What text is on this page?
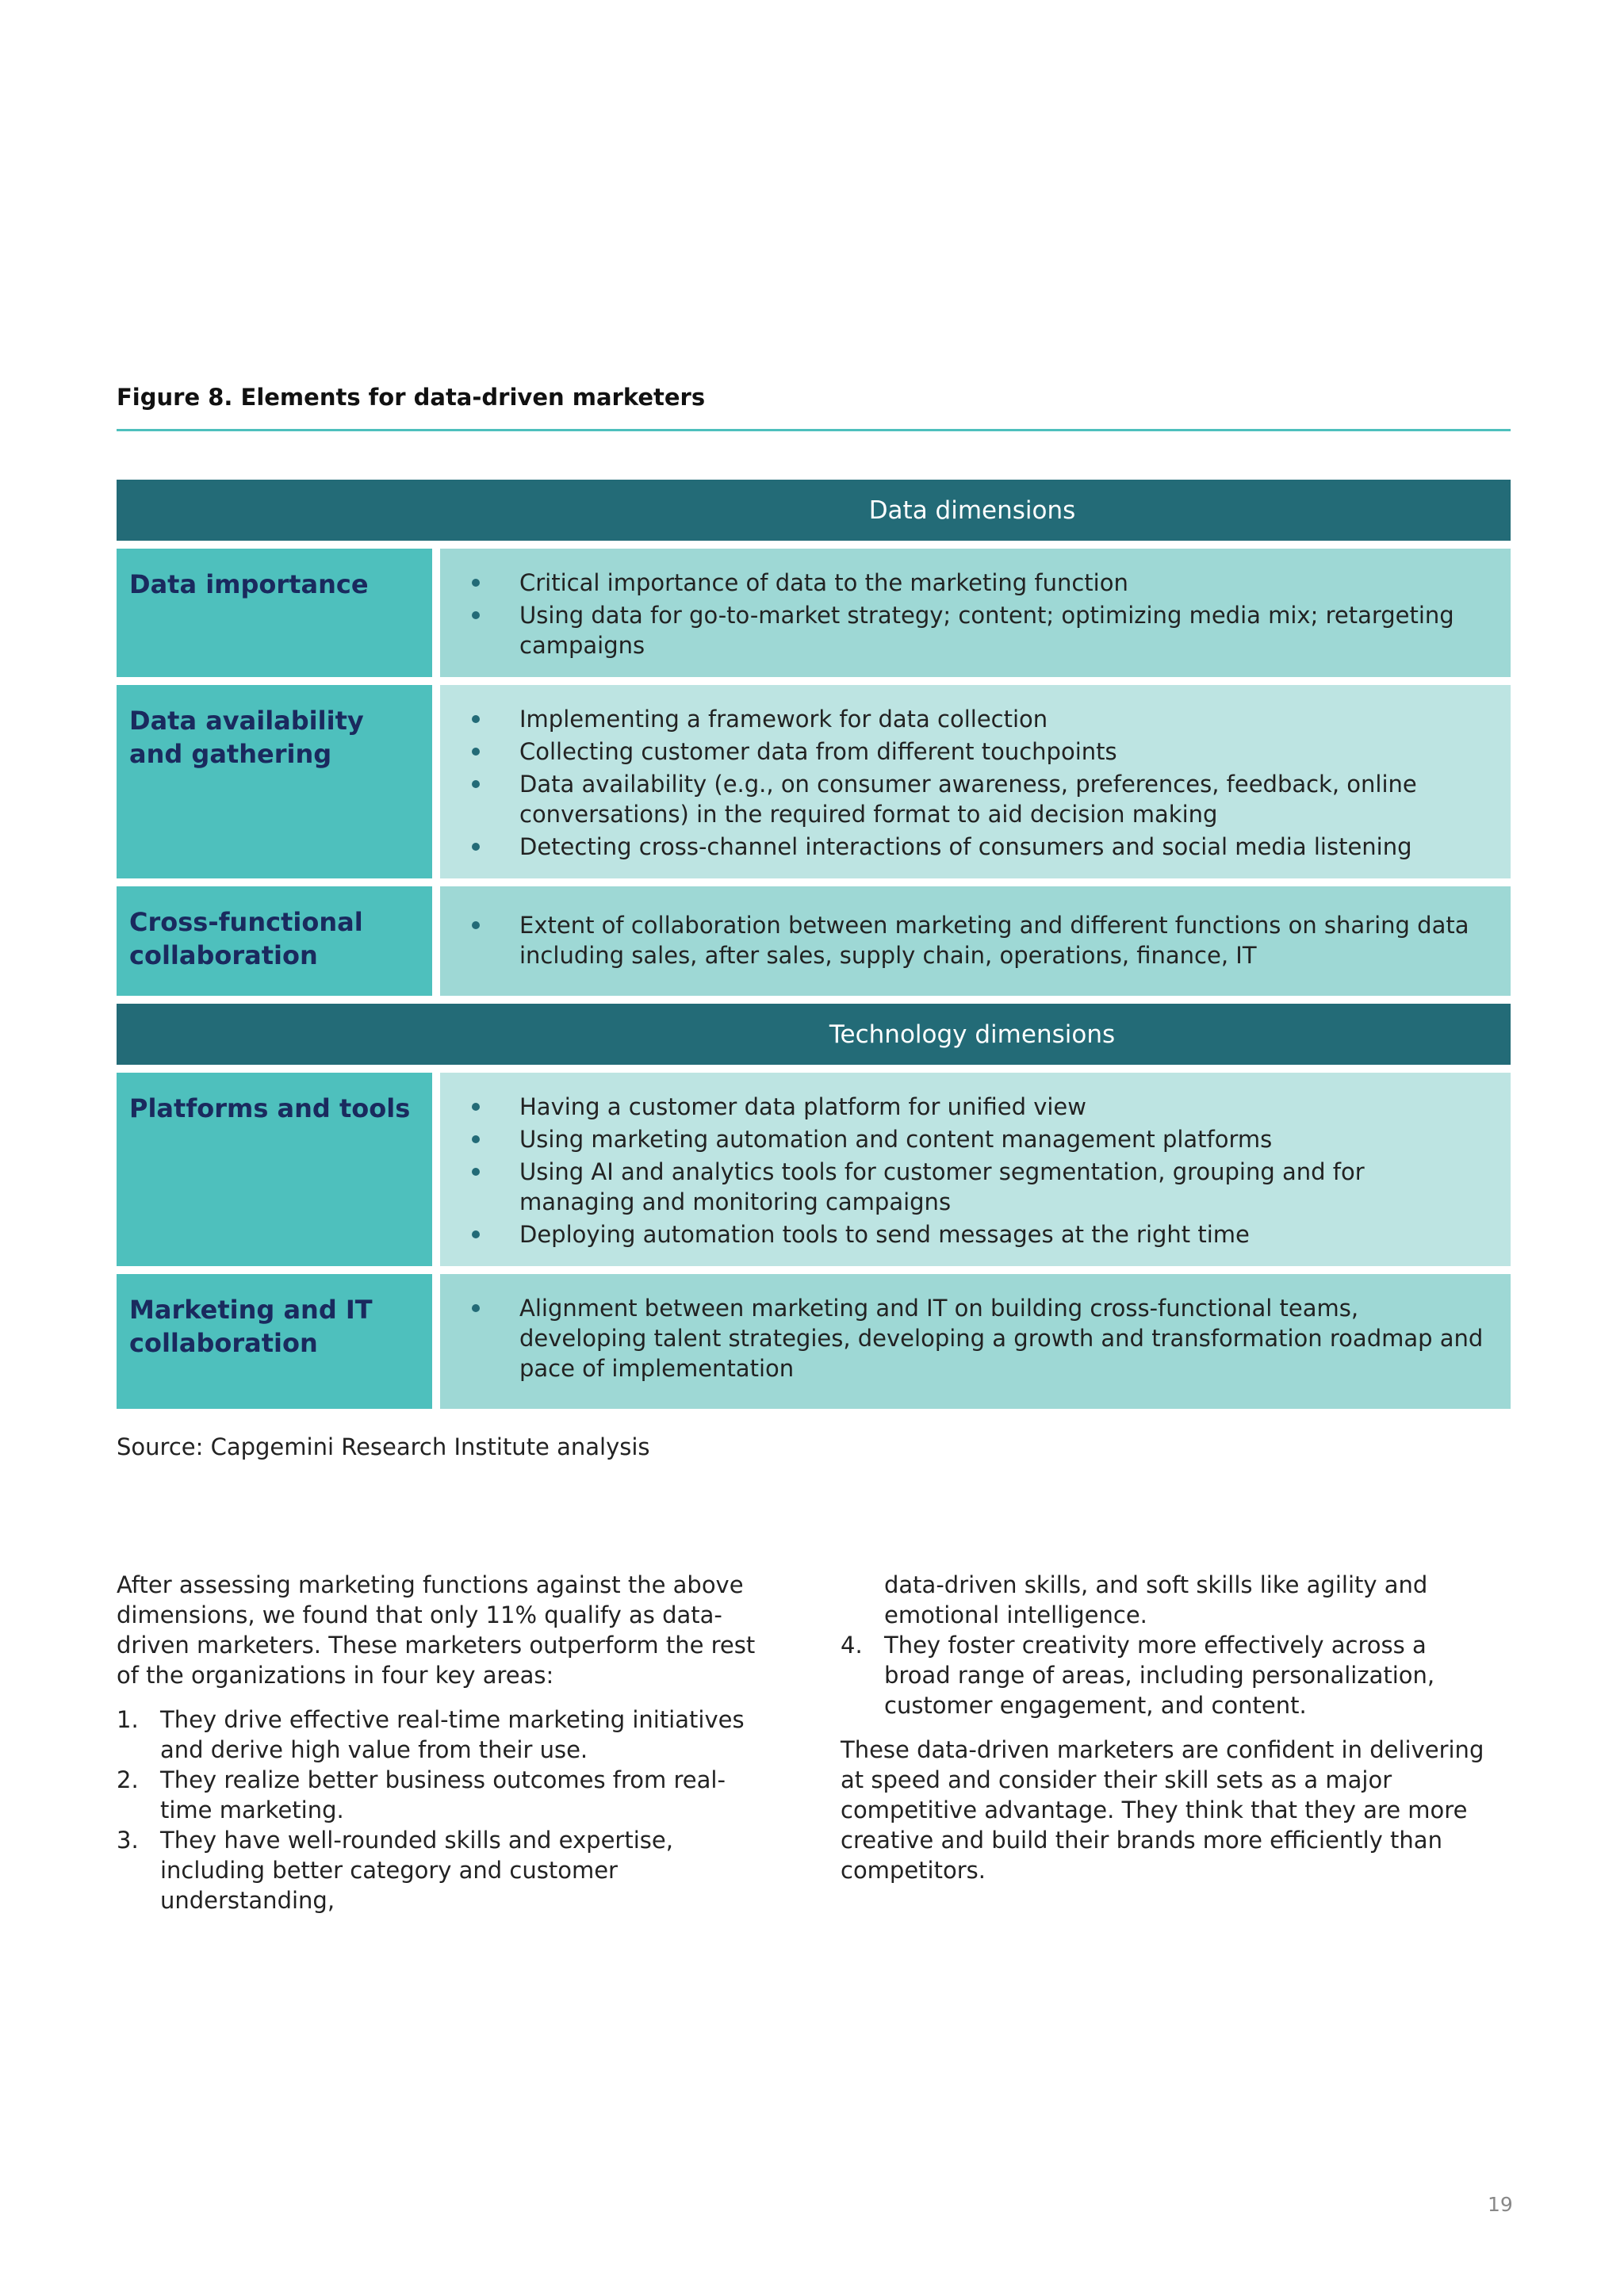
Figure 8. Elements for data-driven marketers
Data dimensions
Data importance	Critical importance of data to the marketing function
Using data for go-to-market strategy; content; optimizing media mix; retargeting campaigns
Data availability and gathering
Implementing a framework for data collection
Collecting customer data from different touchpoints
Data availability (e.g., on consumer awareness, preferences, feedback, online conversations) in the required format to aid decision making
Detecting cross-channel interactions of consumers and social media listening
Cross-functional collaboration
Extent of collaboration between marketing and different functions on sharing data including sales, after sales, supply chain, operations, finance, IT
Technology dimensions
Platforms and tools	Having a customer data platform for unified view
Using marketing automation and content management platforms
Using AI and analytics tools for customer segmentation, grouping and for managing and monitoring campaigns
Deploying automation tools to send messages at the right time
Marketing and IT collaboration
Alignment between marketing and IT on building cross-functional teams, developing talent strategies, developing a growth and transformation roadmap and pace of implementation
Source: Capgemini Research Institute analysis

After assessing marketing functions against the above dimensions, we found that only 11% qualify as data-driven marketers. These marketers outperform the rest of the organizations in four key areas:

1. They drive effective real-time marketing initiatives and derive high value from their use.
2. They realize better business outcomes from real-time marketing.
3. They have well-rounded skills and expertise, including better category and customer understanding,
data-driven skills, and soft skills like agility and emotional intelligence.
4. They foster creativity more effectively across a broad range of areas, including personalization, customer engagement, and content.

These data-driven marketers are confident in delivering at speed and consider their skill sets as a major competitive advantage. They think that they are more creative and build their brands more efficiently than competitors.

19
